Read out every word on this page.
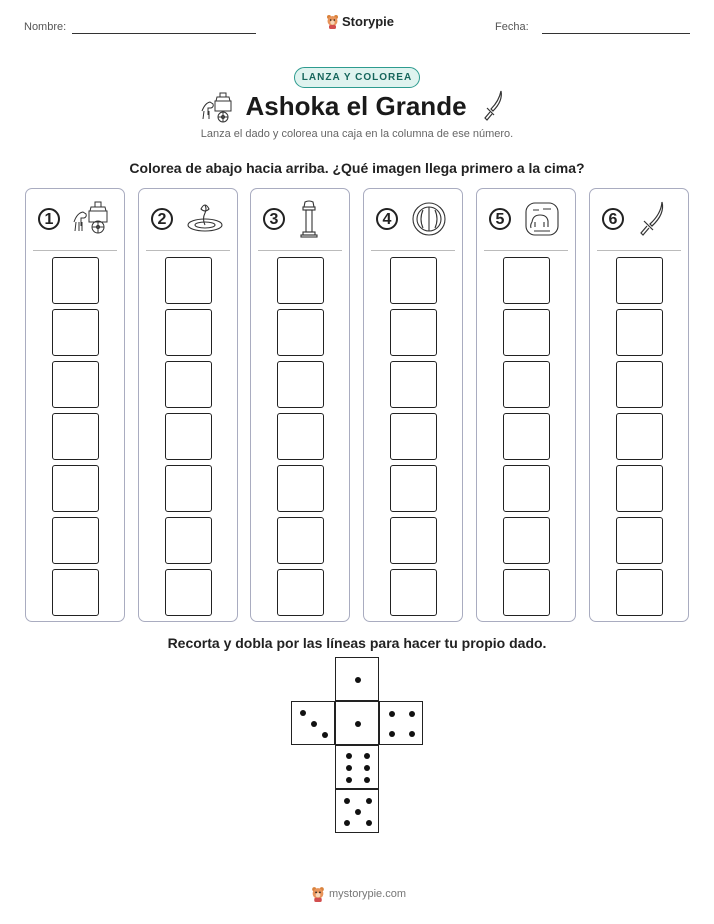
Nombre:	Storypie	Fecha:
LANZA Y COLOREA
Ashoka el Grande
Lanza el dado y colorea una caja en la columna de ese número.
Colorea de abajo hacia arriba. ¿Qué imagen llega primero a la cima?
1	2	3	4	5	6
Recorta y dobla por las líneas para hacer tu propio dado.
mystorypie.com
